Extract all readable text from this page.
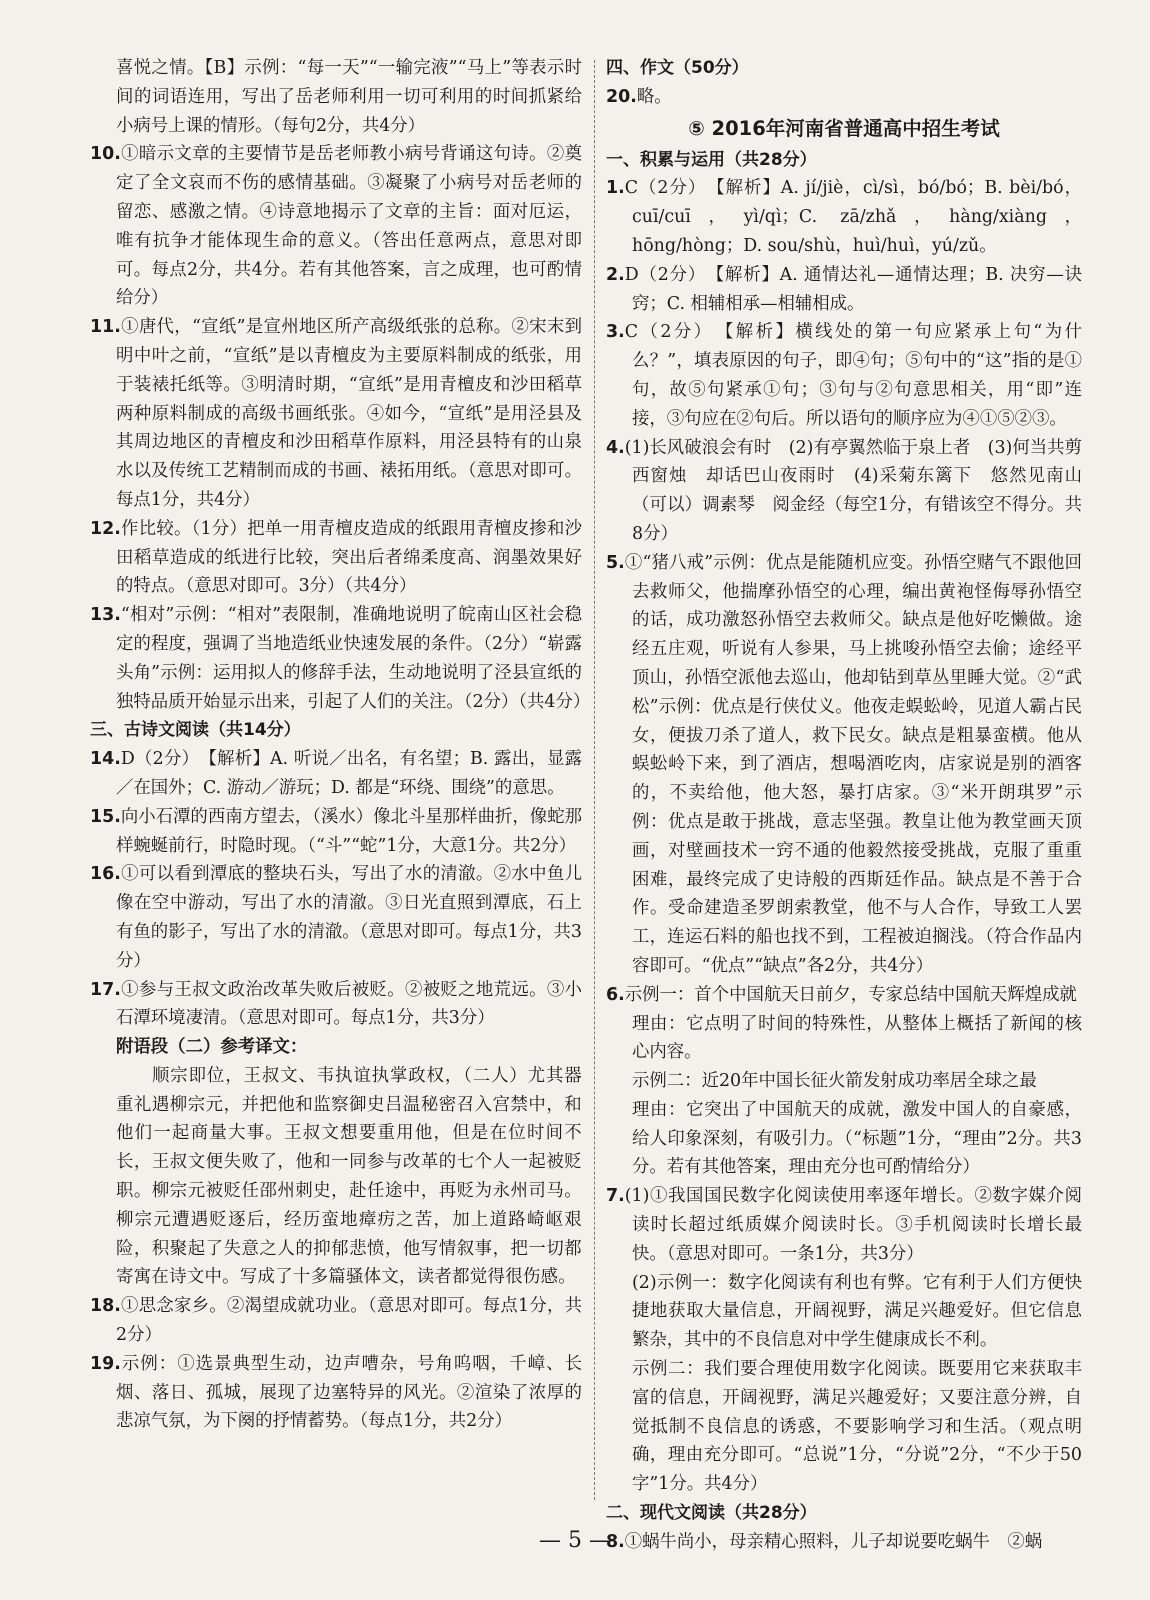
喜悦之情。【B】示例：“每一天”“一输完液”“马上”等表示时间的词语连用，写出了岳老师利用一切可利用的时间抓紧给小病号上课的情形。（每句2分，共4分）

10.①暗示文章的主要情节是岳老师教小病号背诵这句诗。②奠定了全文哀而不伤的感情基础。③凝聚了小病号对岳老师的留恋、感激之情。④诗意地揭示了文章的主旨：面对厄运，唯有抗争才能体现生命的意义。（答出任意两点，意思对即可。每点2分，共4分。若有其他答案，言之成理，也可酌情给分）

11.①唐代，“宣纸”是宣州地区所产高级纸张的总称。②宋末到明中叶之前，“宣纸”是以青檀皮为主要原料制成的纸张，用于装裱托纸等。③明清时期，“宣纸”是用青檀皮和沙田稻草两种原料制成的高级书画纸张。④如今，“宣纸”是用泾县及其周边地区的青檀皮和沙田稻草作原料，用泾县特有的山泉水以及传统工艺精制而成的书画、裱拓用纸。（意思对即可。每点1分，共4分）

12.作比较。（1分）把单一用青檀皮造成的纸跟用青檀皮掺和沙田稻草造成的纸进行比较，突出后者绵柔度高、润墨效果好的特点。（意思对即可。3分）（共4分）

13.“相对”示例：“相对”表限制，准确地说明了皖南山区社会稳定的程度，强调了当地造纸业快速发展的条件。（2分）“崭露头角”示例：运用拟人的修辞手法，生动地说明了泾县宣纸的独特品质开始显示出来，引起了人们的关注。（2分）（共4分）

三、古诗文阅读（共14分）

14.D（2分）　【解析】A. 听说／出名，有名望；B. 露出，显露／在国外；C. 游动／游玩；D. 都是“环绕、围绕”的意思。

15.向小石潭的西南方望去，（溪水）像北斗星那样曲折，像蛇那样蜿蜒前行，时隐时现。（“斗”“蛇”1分，大意1分。共2分）

16.①可以看到潭底的整块石头，写出了水的清澈。②水中鱼儿像在空中游动，写出了水的清澈。③日光直照到潭底，石上有鱼的影子，写出了水的清澈。（意思对即可。每点1分，共3分）

17.①参与王叔文政治改革失败后被贬。②被贬之地荒远。③小石潭环境凄清。（意思对即可。每点1分，共3分）

附语段（二）参考译文：

顺宗即位，王叔文、韦执谊执掌政权，（二人）尤其器重礼遇柳宗元，并把他和监察御史吕温秘密召入宫禁中，和他们一起商量大事。王叔文想要重用他，但是在位时间不长，王叔文便失败了，他和一同参与改革的七个人一起被贬职。柳宗元被贬任邵州刺史，赴任途中，再贬为永州司马。柳宗元遭遇贬逐后，经历蛮地瘴疠之苦，加上道路崎岖艰险，积聚起了失意之人的抑郁悲愤，他写情叙事，把一切都寄寓在诗文中。写成了十多篇骚体文，读者都觉得很伤感。

18.①思念家乡。②渴望成就功业。（意思对即可。每点1分，共2分）

19.示例：①选景典型生动，边声嘈杂，号角呜咽，千嶂、长烟、落日、孤城，展现了边塞特异的风光。②渲染了浓厚的悲凉气氛，为下阕的抒情蓄势。（每点1分，共2分）

四、作文（50分）

20.略。

⑤ 2016年河南省普通高中招生考试

一、积累与运用（共28分）

1.C（2分）　【解析】A. jí/jiè，cì/sì，bó/bó；B. bèi/bó，cuī/cuī，yì/qì；C. zā/zhǎ，hàng/xiàng，hōng/hòng；D. sou/shù，huì/huì，yú/zǔ。

2.D（2分）　【解析】A. 通情达礼—通情达理；B. 决穷—诀窍；C. 相辅相承—相辅相成。

3.C（2分）　【解析】横线处的第一句应紧承上句“为什么？”，填表原因的句子，即④句；⑤句中的“这”指的是①句，故⑤句紧承①句；③句与②句意思相关，用“即”连接，③句应在②句后。所以语句的顺序应为④①⑤②③。

4.(1)长风破浪会有时　(2)有亭翼然临于泉上者　(3)何当共剪西窗烛　却话巴山夜雨时　(4)采菊东篱下　悠然见南山　（可以）调素琴　阅金经（每空1分，有错该空不得分。共8分）

5.①“猪八戒”示例：优点是能随机应变。孙悟空赌气不跟他回去救师父，他揣摩孙悟空的心理，编出黄袍怪侮辱孙悟空的话，成功激怒孙悟空去救师父。缺点是他好吃懒做。途经五庄观，听说有人参果，马上挑唆孙悟空去偷；途经平顶山，孙悟空派他去巡山，他却钻到草丛里睡大觉。②“武松”示例：优点是行侠仗义。他夜走蜈蚣岭，见道人霸占民女，便拔刀杀了道人，救下民女。缺点是粗暴蛮横。他从蜈蚣岭下来，到了酒店，想喝酒吃肉，店家说是别的酒客的，不卖给他，他大怒，暴打店家。③“米开朗琪罗”示例：优点是敢于挑战，意志坚强。教皇让他为教堂画天顶画，对壁画技术一窍不通的他毅然接受挑战，克服了重重困难，最终完成了史诗般的西斯廷作品。缺点是不善于合作。受命建造圣罗朗索教堂，他不与人合作，导致工人罢工，连运石料的船也找不到，工程被迫搁浅。（符合作品内容即可。“优点”“缺点”各2分，共4分）

6.示例一：首个中国航天日前夕，专家总结中国航天辉煌成就

理由：它点明了时间的特殊性，从整体上概括了新闻的核心内容。

示例二：近20年中国长征火箭发射成功率居全球之最

理由：它突出了中国航天的成就，激发中国人的自豪感，给人印象深刻，有吸引力。（“标题”1分，“理由”2分。共3分。若有其他答案，理由充分也可酌情给分）

7.(1)①我国国民数字化阅读使用率逐年增长。②数字媒介阅读时长超过纸质媒介阅读时长。③手机阅读时长增长最快。（意思对即可。一条1分，共3分）

(2)示例一：数字化阅读有利也有弊。它有利于人们方便快捷地获取大量信息，开阔视野，满足兴趣爱好。但它信息繁杂，其中的不良信息对中学生健康成长不利。

示例二：我们要合理使用数字化阅读。既要用它来获取丰富的信息，开阔视野，满足兴趣爱好；又要注意分辨，自觉抵制不良信息的诱惑，不要影响学习和生活。（观点明确，理由充分即可。“总说”1分，“分说”2分，“不少于50字”1分。共4分）

二、现代文阅读（共28分）

8.①蜗牛尚小，母亲精心照料，儿子却说要吃蜗牛　②蜗

— 5 —
